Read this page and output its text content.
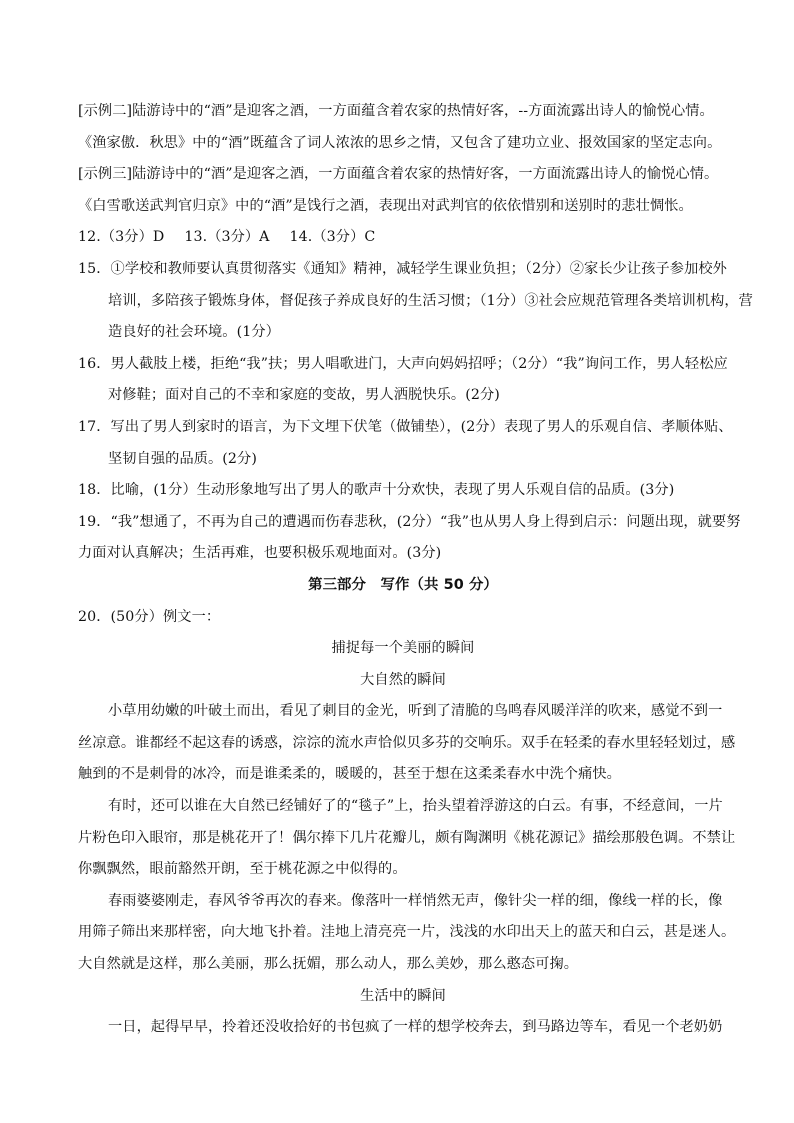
[示例二]陆游诗中的“酒”是迎客之酒，一方面蕴含着农家的热情好客，--方面流露出诗人的愉悦心情。
《渔家傲．秋思》中的“酒”既蕴含了词人浓浓的思乡之情，又包含了建功立业、报效国家的坚定志向。
[示例三]陆游诗中的“酒”是迎客之酒，一方面蕴含着农家的热情好客，一方面流露出诗人的愉悦心情。
《白雪歌送武判官归京》中的“酒”是饯行之酒，表现出对武判官的依依惜别和送别时的悲壮惆怅。
12.（3分）D 13.（3分）A 14.（3分）C
15．①学校和教师要认真贯彻落实《通知》精神，减轻学生课业负担；（2分）②家长少让孩子参加校外
培训，多陪孩子锻炼身体，督促孩子养成良好的生活习惯；（1分）③社会应规范管理各类培训机构，营
造良好的社会环境。(1分）
16．男人截肢上楼，拒绝“我”扶；男人唱歌进门，大声向妈妈招呼；（2分）“我”询问工作，男人轻松应
对修鞋；面对自己的不幸和家庭的变故，男人洒脱快乐。(2分)
17．写出了男人到家时的语言，为下文埋下伏笔（做铺垫），(2分）表现了男人的乐观自信、孝顺体贴、
坚韧自强的品质。(2分)
18．比喻，(1分）生动形象地写出了男人的歌声十分欢快，表现了男人乐观自信的品质。(3分)
19．“我”想通了，不再为自己的遭遇而伤春悲秋，(2分）“我”也从男人身上得到启示：问题出现，就要努
力面对认真解决；生活再难，也要积极乐观地面对。(3分)
第三部分　写作（共 50 分）
20．(50分）例文一：
捕捉每一个美丽的瞬间
大自然的瞬间
小草用幼嫩的叶破土而出，看见了刺目的金光，听到了清脆的鸟鸣春风暖洋洋的吹来，感觉不到一
丝凉意。谁都经不起这春的诱惑，淙淙的流水声恰似贝多芬的交响乐。双手在轻柔的春水里轻轻划过，感
触到的不是刺骨的冰冷，而是谁柔柔的，暖暖的，甚至于想在这柔柔春水中洗个痛快。
有时，还可以谁在大自然已经铺好了的“毯子”上，抬头望着浮游这的白云。有事，不经意间，一片
片粉色印入眼帘，那是桃花开了！偶尔捧下几片花瓣儿，颇有陶渊明《桃花源记》描绘那般色调。不禁让
你飘飘然，眼前豁然开朗，至于桃花源之中似得的。
春雨婆婆刚走，春风爷爷再次的春来。像落叶一样悄然无声，像针尖一样的细，像线一样的长，像
用筛子筛出来那样密，向大地飞扑着。洼地上清亮亮一片，浅浅的水印出天上的蓝天和白云，甚是迷人。
大自然就是这样，那么美丽，那么抚媚，那么动人，那么美妙，那么憨态可掬。
生活中的瞬间
一日，起得早早，拎着还没收拾好的书包疯了一样的想学校奔去，到马路边等车，看见一个老奶奶
